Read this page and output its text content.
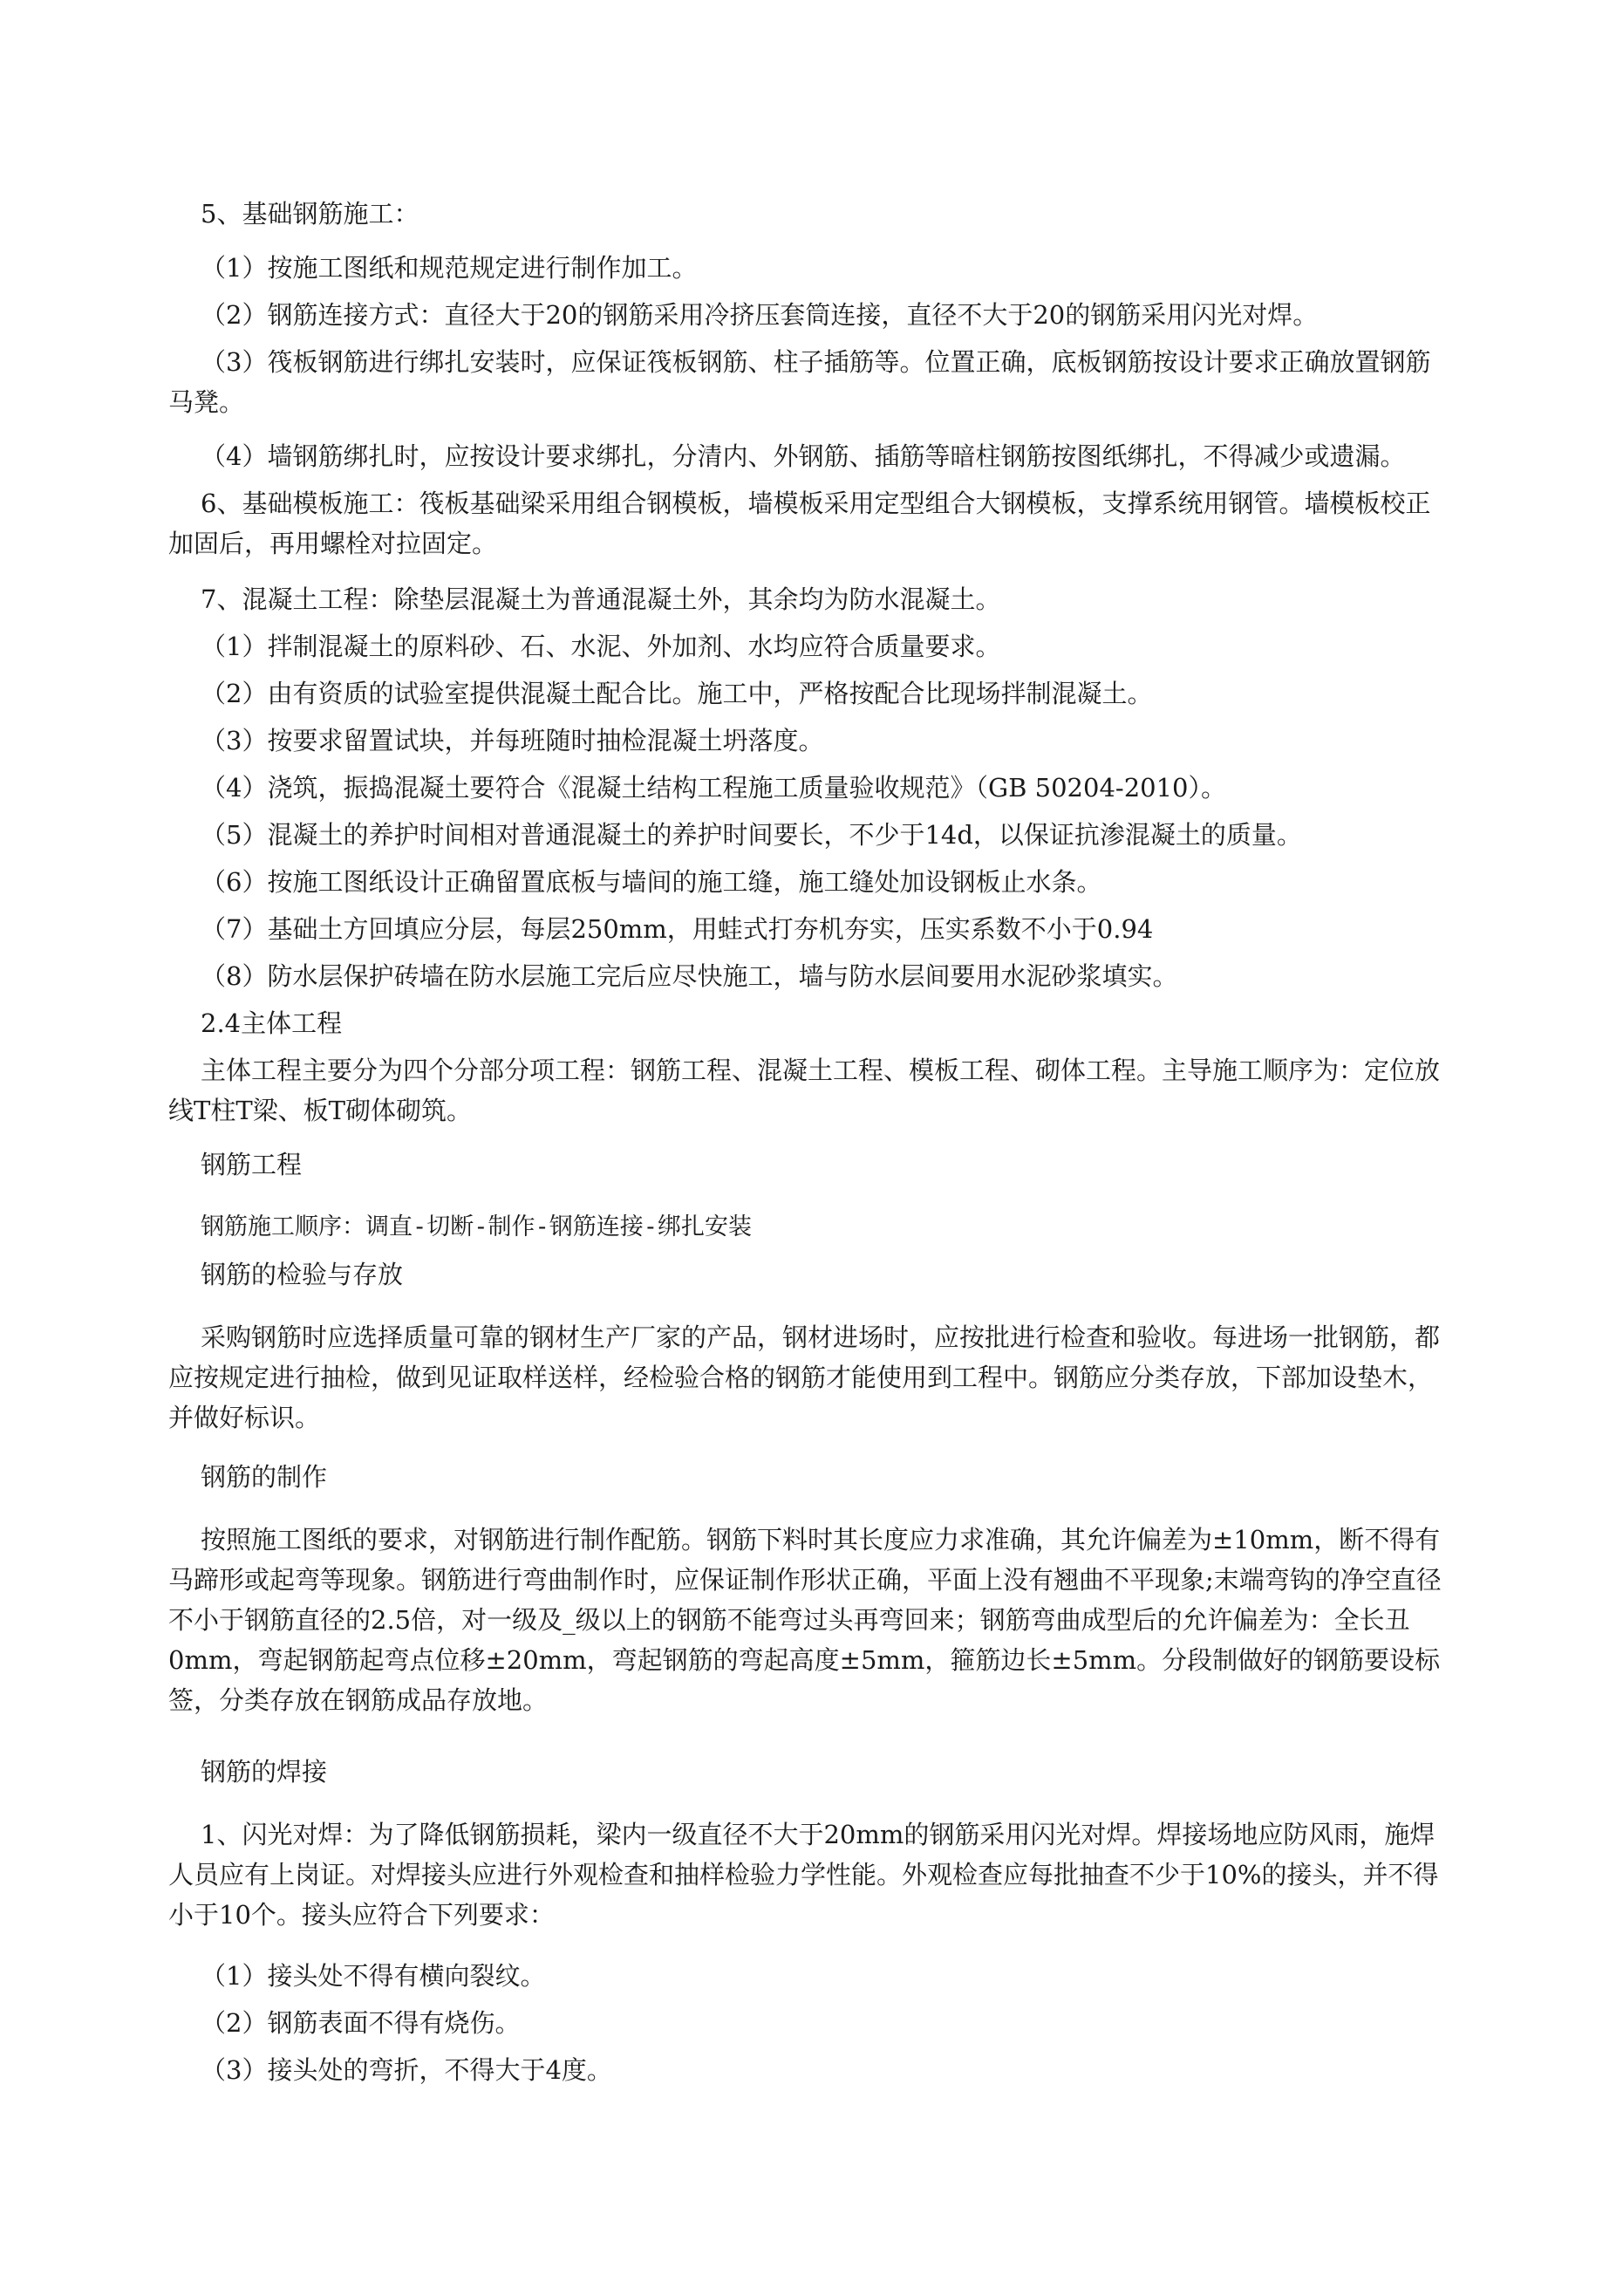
5、基础钢筋施工：

（1）按施工图纸和规范规定进行制作加工。

（2）钢筋连接方式：直径大于20的钢筋采用冷挤压套筒连接，直径不大于20的钢筋采用闪光对焊。

（3）筏板钢筋进行绑扎安装时，应保证筏板钢筋、柱子插筋等。位置正确，底板钢筋按设计要求正确放置钢筋马凳。

（4）墙钢筋绑扎时，应按设计要求绑扎，分清内、外钢筋、插筋等暗柱钢筋按图纸绑扎，不得减少或遗漏。

6、基础模板施工：筏板基础梁采用组合钢模板，墙模板采用定型组合大钢模板，支撑系统用钢管。墙模板校正加固后，再用螺栓对拉固定。

7、混凝土工程：除垫层混凝土为普通混凝土外，其余均为防水混凝土。

（1）拌制混凝土的原料砂、石、水泥、外加剂、水均应符合质量要求。

（2）由有资质的试验室提供混凝土配合比。施工中，严格按配合比现场拌制混凝土。

（3）按要求留置试块，并每班随时抽检混凝土坍落度。

（4）浇筑，振捣混凝土要符合《混凝土结构工程施工质量验收规范》（GB 50204-2010）。

（5）混凝土的养护时间相对普通混凝土的养护时间要长，不少于14d，以保证抗渗混凝土的质量。

（6）按施工图纸设计正确留置底板与墙间的施工缝，施工缝处加设钢板止水条。

（7）基础土方回填应分层，每层250mm，用蛙式打夯机夯实，压实系数不小于0.94

（8）防水层保护砖墙在防水层施工完后应尽快施工，墙与防水层间要用水泥砂浆填实。

2.4主体工程

主体工程主要分为四个分部分项工程：钢筋工程、混凝土工程、模板工程、砌体工程。主导施工顺序为：定位放线T柱T梁、板T砌体砌筑。

钢筋工程

钢筋施工顺序：调直-切断-制作-钢筋连接-绑扎安装

钢筋的检验与存放

采购钢筋时应选择质量可靠的钢材生产厂家的产品，钢材进场时，应按批进行检查和验收。每进场一批钢筋，都应按规定进行抽检，做到见证取样送样，经检验合格的钢筋才能使用到工程中。钢筋应分类存放，下部加设垫木，并做好标识。

钢筋的制作

按照施工图纸的要求，对钢筋进行制作配筋。钢筋下料时其长度应力求准确，其允许偏差为±10mm，断不得有马蹄形或起弯等现象。钢筋进行弯曲制作时，应保证制作形状正确，平面上没有翘曲不平现象;末端弯钩的净空直径不小于钢筋直径的2.5倍，对一级及_级以上的钢筋不能弯过头再弯回来；钢筋弯曲成型后的允许偏差为：全长丑0mm，弯起钢筋起弯点位移±20mm，弯起钢筋的弯起高度±5mm，箍筋边长±5mm。分段制做好的钢筋要设标签，分类存放在钢筋成品存放地。

钢筋的焊接

1、闪光对焊：为了降低钢筋损耗，梁内一级直径不大于20mm的钢筋采用闪光对焊。焊接场地应防风雨，施焊人员应有上岗证。对焊接头应进行外观检查和抽样检验力学性能。外观检查应每批抽查不少于10%的接头，并不得小于10个。接头应符合下列要求：

（1）接头处不得有横向裂纹。

（2）钢筋表面不得有烧伤。

（3）接头处的弯折，不得大于4度。
